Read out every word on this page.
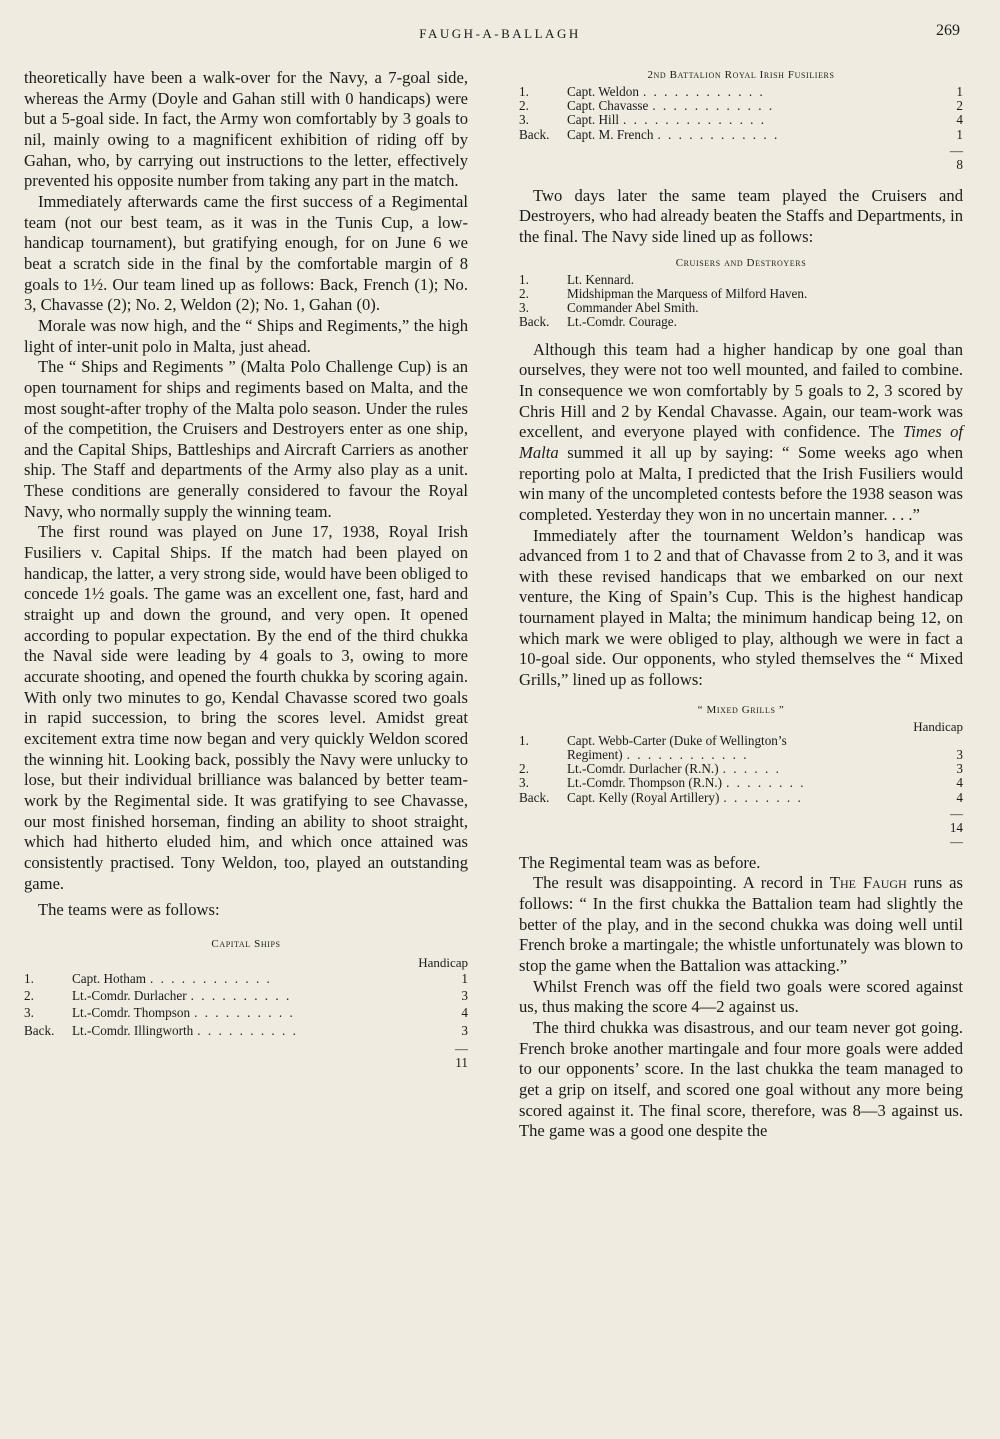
FAUGH-A-BALLAGH	269

theoretically have been a walk-over for the Navy, a 7-goal side, whereas the Army (Doyle and Gahan still with 0 handicaps) were but a 5-goal side. In fact, the Army won comfortably by 3 goals to nil, mainly owing to a magnificent exhibition of riding off by Gahan, who, by carrying out instructions to the letter, effectively prevented his opposite number from taking any part in the match.

Immediately afterwards came the first success of a Regimental team (not our best team, as it was in the Tunis Cup, a low-handicap tournament), but gratifying enough, for on June 6 we beat a scratch side in the final by the comfortable margin of 8 goals to 1½. Our team lined up as follows: Back, French (1); No. 3, Chavasse (2); No. 2, Weldon (2); No. 1, Gahan (0).

Morale was now high, and the “ Ships and Regiments,” the high light of inter-unit polo in Malta, just ahead.

The “ Ships and Regiments ” (Malta Polo Challenge Cup) is an open tournament for ships and regiments based on Malta, and the most sought-after trophy of the Malta polo season. Under the rules of the competition, the Cruisers and Destroyers enter as one ship, and the Capital Ships, Battleships and Aircraft Carriers as another ship. The Staff and departments of the Army also play as a unit. These conditions are generally considered to favour the Royal Navy, who normally supply the winning team.

The first round was played on June 17, 1938, Royal Irish Fusiliers v. Capital Ships. If the match had been played on handicap, the latter, a very strong side, would have been obliged to concede 1½ goals. The game was an excellent one, fast, hard and straight up and down the ground, and very open. It opened according to popular expectation. By the end of the third chukka the Naval side were leading by 4 goals to 3, owing to more accurate shooting, and opened the fourth chukka by scoring again. With only two minutes to go, Kendal Chavasse scored two goals in rapid succession, to bring the scores level. Amidst great excitement extra time now began and very quickly Weldon scored the winning hit. Looking back, possibly the Navy were unlucky to lose, but their individual brilliance was balanced by better team-work by the Regimental side. It was gratifying to see Chavasse, our most finished horseman, finding an ability to shoot straight, which had hitherto eluded him, and which once attained was consistently practised. Tony Weldon, too, played an outstanding game.

The teams were as follows:

Capital Ships
Handicap
1.	Capt. Hotham . . . . . . . . . . . .	1
2.	Lt.-Comdr. Durlacher . . . . . . . . . .	3
3.	Lt.-Comdr. Thompson . . . . . . . . . .	4
Back.	Lt.-Comdr. Illingworth . . . . . . . . . .	3
—
11
2nd Battalion Royal Irish Fusiliers
1.	Capt. Weldon . . . . . . . . . . . .	1
2.	Capt. Chavasse . . . . . . . . . . . .	2
3.	Capt. Hill . . . . . . . . . . . . . .	4
Back.	Capt. M. French . . . . . . . . . . . .	1
—
8

Two days later the same team played the Cruisers and Destroyers, who had already beaten the Staffs and Departments, in the final. The Navy side lined up as follows:

Cruisers and Destroyers
1.	Lt. Kennard.
2.	Midshipman the Marquess of Milford Haven.
3.	Commander Abel Smith.
Back.	Lt.-Comdr. Courage.

Although this team had a higher handicap by one goal than ourselves, they were not too well mounted, and failed to combine. In consequence we won comfortably by 5 goals to 2, 3 scored by Chris Hill and 2 by Kendal Chavasse. Again, our team-work was excellent, and everyone played with confidence. The Times of Malta summed it all up by saying: “ Some weeks ago when reporting polo at Malta, I predicted that the Irish Fusiliers would win many of the uncompleted contests before the 1938 season was completed. Yesterday they won in no uncertain manner. . . .”

Immediately after the tournament Weldon’s handicap was advanced from 1 to 2 and that of Chavasse from 2 to 3, and it was with these revised handicaps that we embarked on our next venture, the King of Spain’s Cup. This is the highest handicap tournament played in Malta; the minimum handicap being 12, on which mark we were obliged to play, although we were in fact a 10-goal side. Our opponents, who styled themselves the “ Mixed Grills,” lined up as follows:

“ Mixed Grills ”
Handicap
1.	Capt. Webb-Carter (Duke of Wellington’s

Regiment) . . . . . . . . . . . .	3
2.	Lt.-Comdr. Durlacher (R.N.) . . . . . .	3
3.	Lt.-Comdr. Thompson (R.N.) . . . . . . . .	4
Back.	Capt. Kelly (Royal Artillery) . . . . . . . .	4
—
14
—

The Regimental team was as before.

The result was disappointing. A record in The Faugh runs as follows: “ In the first chukka the Battalion team had slightly the better of the play, and in the second chukka was doing well until French broke a martingale; the whistle unfortunately was blown to stop the game when the Battalion was attacking.”

Whilst French was off the field two goals were scored against us, thus making the score 4—2 against us.

The third chukka was disastrous, and our team never got going. French broke another martingale and four more goals were added to our opponents’ score. In the last chukka the team managed to get a grip on itself, and scored one goal without any more being scored against it. The final score, therefore, was 8—3 against us. The game was a good one despite the
